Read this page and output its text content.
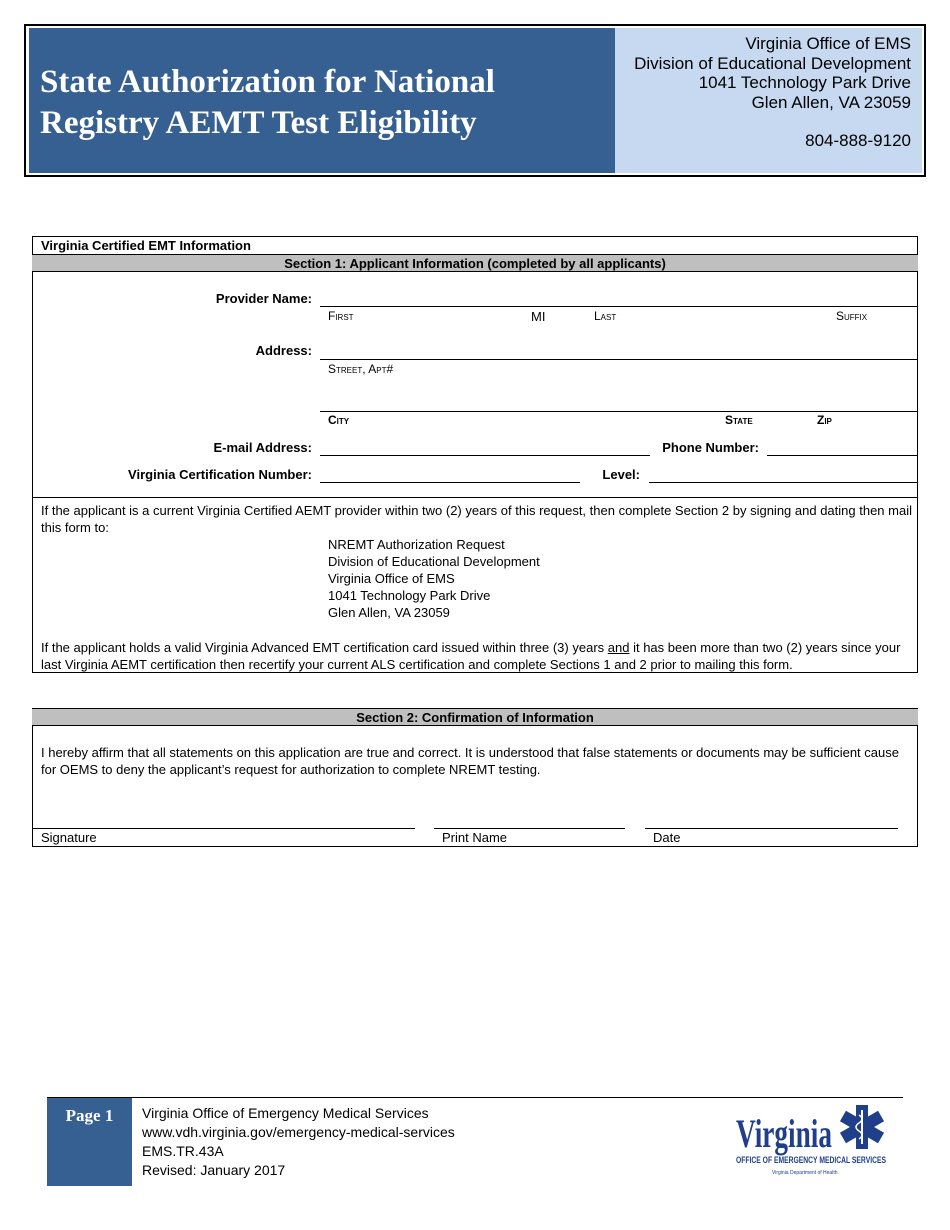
State Authorization for National
Registry AEMT Test Eligibility
Virginia Office of EMS
Division of Educational Development
1041 Technology Park Drive
Glen Allen, VA 23059
804-888-9120
Virginia Certified EMT Information
Section 1: Applicant Information (completed by all applicants)
Provider Name:
First	MI	Last	Suffix
Address:
Street, Apt#
City	State	Zip
E-mail Address:	Phone Number:
Virginia Certification Number:	Level:
If the applicant is a current Virginia Certified AEMT provider within two (2) years of this request, then complete Section 2 by signing and dating then mail this form to:
NREMT Authorization Request
Division of Educational Development
Virginia Office of EMS
1041 Technology Park Drive
Glen Allen, VA 23059
If the applicant holds a valid Virginia Advanced EMT certification card issued within three (3) years and it has been more than two (2) years since your last Virginia AEMT certification then recertify your current ALS certification and complete Sections 1 and 2 prior to mailing this form.
Section 2: Confirmation of Information
I hereby affirm that all statements on this application are true and correct. It is understood that false statements or documents may be sufficient cause for OEMS to deny the applicant’s request for authorization to complete NREMT testing.
Signature	Print Name	Date
Page 1	Virginia Office of Emergency Medical Services
www.vdh.virginia.gov/emergency-medical-services
EMS.TR.43A
Revised: January 2017
Virginia
OFFICE OF EMERGENCY MEDICAL SERVICES
Virginia Department of Health
